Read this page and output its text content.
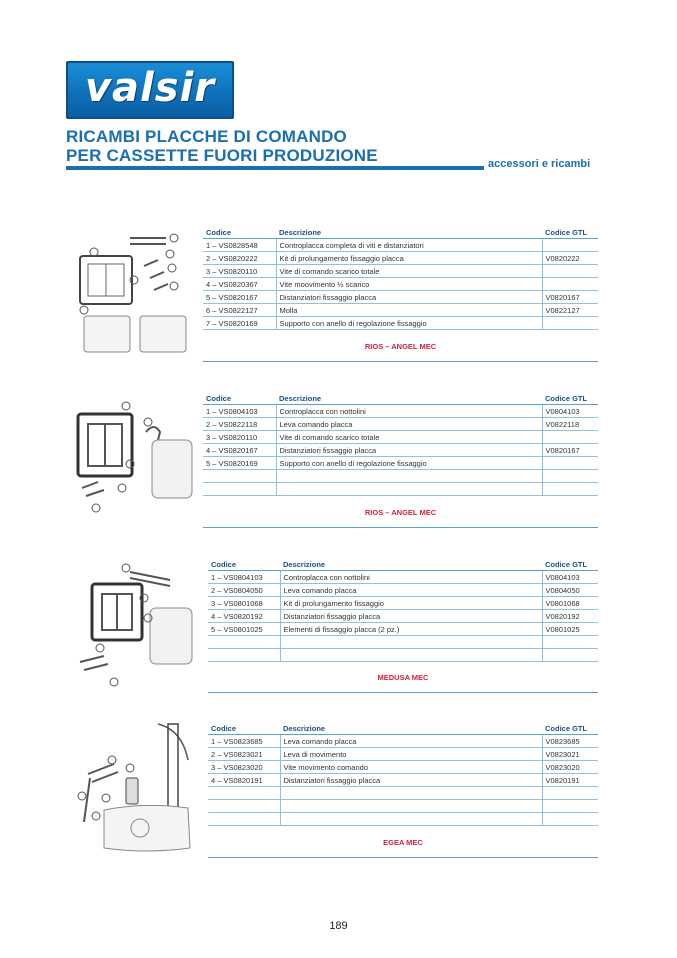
valsir
RICAMBI PLACCHE DI COMANDO
PER CASSETTE FUORI PRODUZIONE	accessori e ricambi
Codice	Descrizione	Codice GTL
1 – VS0828548	Controplacca completa di viti e distanziatori	
2 – VS0820222	Kit di prolungamento fissaggio placca	V0820222
3 – VS0820110	Vite di comando scarico totale	
4 – VS0820367	Vite moovimento ½ scarico	
5 – VS0820167	Distanziatori fissaggio placca	V0820167
6 – VS0822127	Molla	V0822127
7 – VS0820169	Supporto con anello di regolazione fissaggio	
RIOS – ANGEL MEC
Codice	Descrizione	Codice GTL
1 – VS0804103	Controplacca con nottolini	V0804103
2 – VS0822118	Leva comando placca	V0822118
3 – VS0820110	Vite di comando scarico totale	
4 – VS0820167	Distanziatori fissaggio placca	V0820167
5 – VS0820169	Supporto con anello di regolazione fissaggio	

RIOS – ANGEL MEC
Codice	Descrizione	Codice GTL
1 – VS0804103	Controplacca con nottolini	V0804103
2 – VS0804050	Leva comando placca	V0804050
3 – VS0801068	Kit di prolungamento fissaggio	V0801068
4 – VS0820192	Distanziatori fissaggio placca	V0820192
5 – VS0801025	Elementi di fissaggio placca (2 pz.)	V0801025

MEDUSA MEC
Codice	Descrizione	Codice GTL
1 – VS0823685	Leva comando placca	V0823685
2 – VS0823021	Leva di movimento	V0823021
3 – VS0823020	Vite movimento comando	V0823020
4 – VS0820191	Distanziatori fissaggio placca	V0820191

EGEA MEC
189
